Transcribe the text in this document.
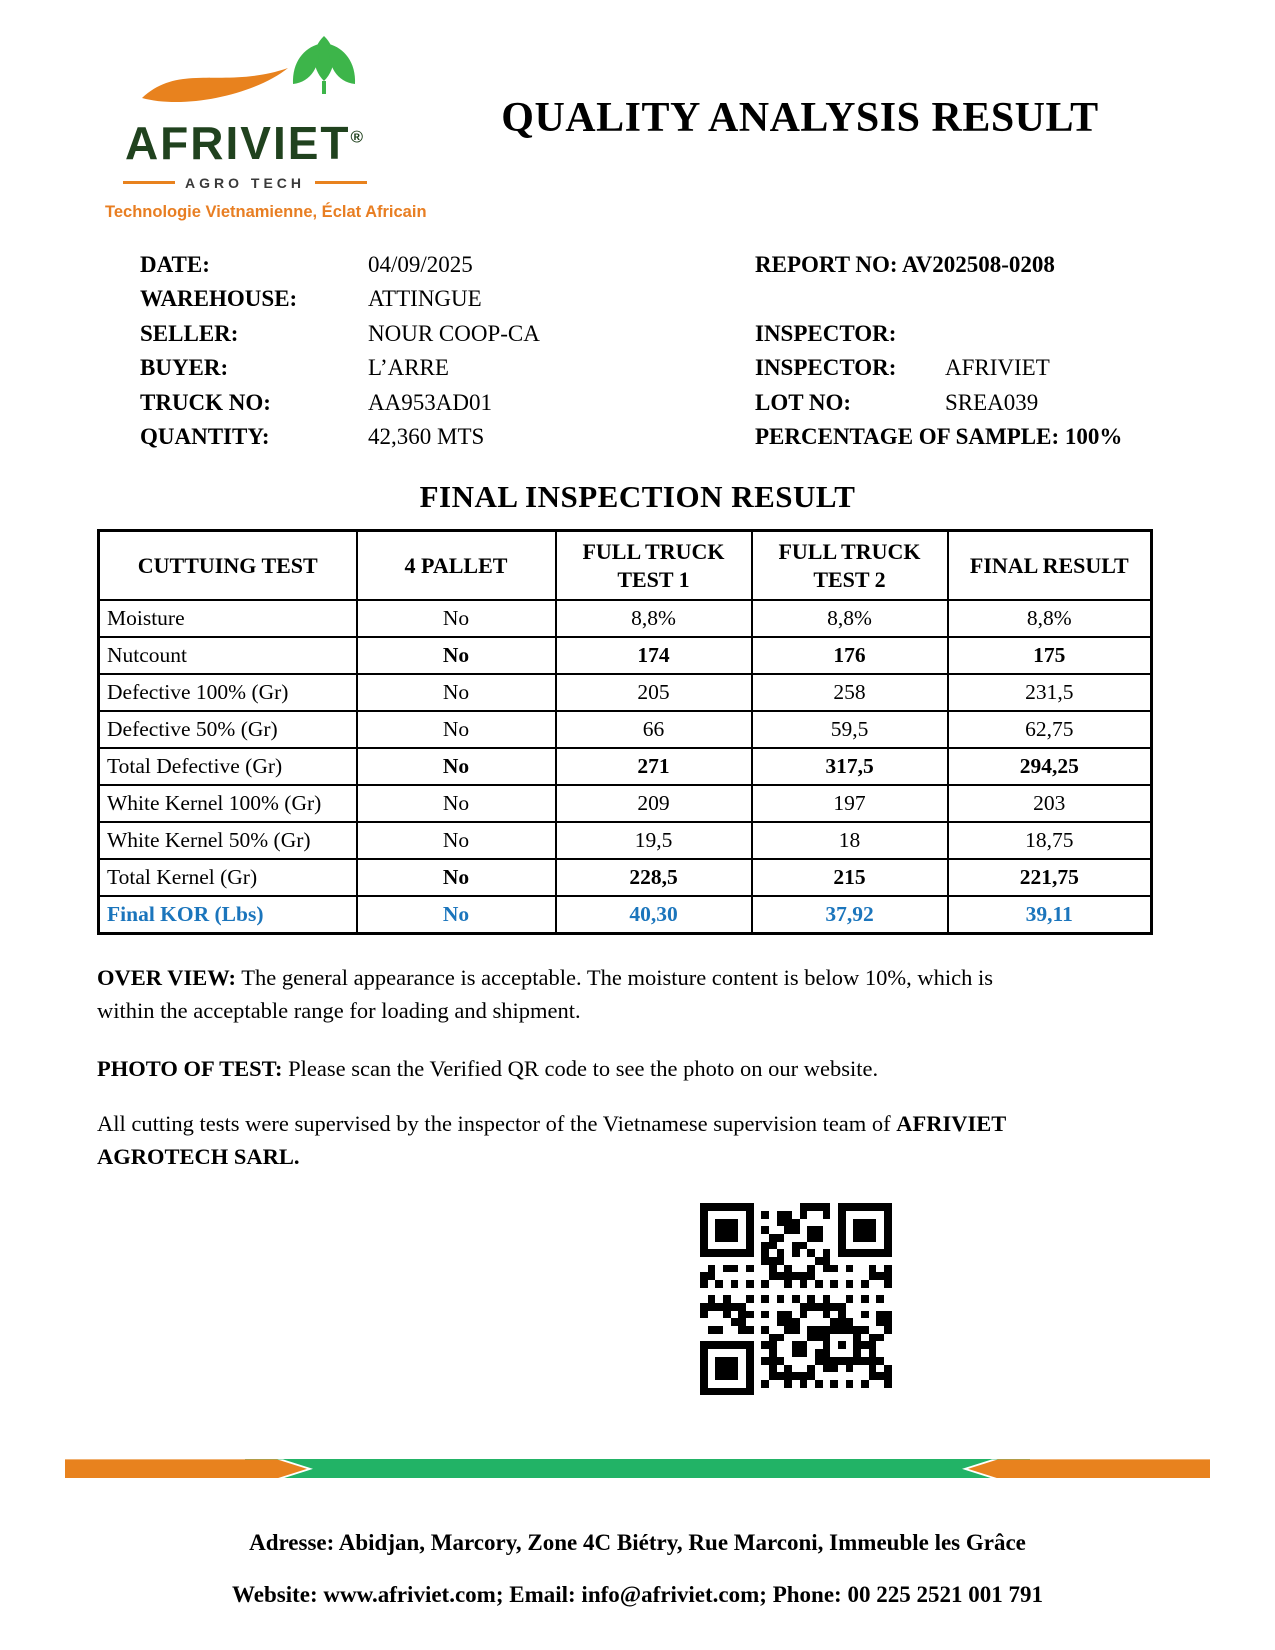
AFRIVIET®
AGRO TECH
Technologie Vietnamienne, Éclat Africain
QUALITY ANALYSIS RESULT
DATE:	04/09/2025	REPORT NO: AV202508-0208
WAREHOUSE:	ATTINGUE
SELLER:	NOUR COOP-CA	INSPECTOR:
BUYER:	L’ARRE	INSPECTOR:	AFRIVIET
TRUCK NO:	AA953AD01	LOT NO:	SREA039
QUANTITY:	42,360 MTS	PERCENTAGE OF SAMPLE: 100%
FINAL INSPECTION RESULT
CUTTUING TEST	4 PALLET	FULL TRUCK TEST 1	FULL TRUCK TEST 2	FINAL RESULT
Moisture	No	8,8%	8,8%	8,8%
Nutcount	No	174	176	175
Defective 100% (Gr)	No	205	258	231,5
Defective 50% (Gr)	No	66	59,5	62,75
Total Defective (Gr)	No	271	317,5	294,25
White Kernel 100% (Gr)	No	209	197	203
White Kernel 50% (Gr)	No	19,5	18	18,75
Total Kernel (Gr)	No	228,5	215	221,75
Final KOR (Lbs)	No	40,30	37,92	39,11
OVER VIEW: The general appearance is acceptable. The moisture content is below 10%, which is within the acceptable range for loading and shipment.
PHOTO OF TEST: Please scan the Verified QR code to see the photo on our website.
All cutting tests were supervised by the inspector of the Vietnamese supervision team of AFRIVIET AGROTECH SARL.
Adresse: Abidjan, Marcory, Zone 4C Biétry, Rue Marconi, Immeuble les Grâce
Website: www.afriviet.com; Email: info@afriviet.com; Phone: 00 225 2521 001 791
